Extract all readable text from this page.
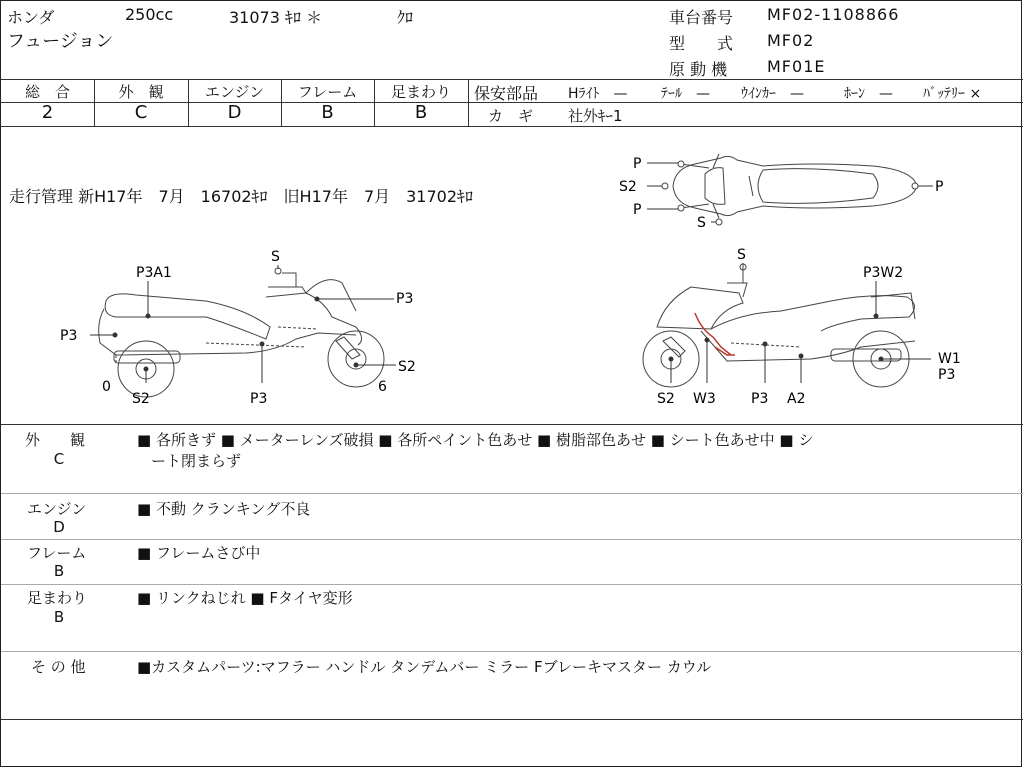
ホンダ	250cc	31073 ｷﾛ ＊	ｸﾛ
フュージョン
車台番号 MF02-1108866
型　　式 MF02
原 動 機 MF01E
総　合
2
外　観
C
エンジン
D
フレーム
B
足まわり
B
保安部品 Hﾗｲﾄ　— ﾃｰﾙ　— ｳｲﾝｶｰ　—	ﾎｰﾝ　— ﾊﾞｯﾃﾘｰ ×
カ　ギ 社外ｷｰ1
走行管理 新H17年　7月　16702ｷﾛ　旧H17年　7月　31702ｷﾛ
P
S2
P
S
P
P3A1
S
P3
P3
S2
0
S2	P3
6
S
P3W2
W1
P3
S2 W3	P3 A2
外　　観
C
■ 各所きず ■ メーターレンズ破損 ■ 各所ペイント色あせ ■ 樹脂部色あせ ■ シート色あせ中 ■ シ
ート閉まらず
エンジン
D
■ 不動 クランキング不良
フレーム
B
■ フレームさび中
足まわり
B
■ リンクねじれ ■ Fタイヤ変形
そ の 他	■カスタムパーツ:マフラー ハンドル タンデムバー ミラー Fブレーキマスター カウル
